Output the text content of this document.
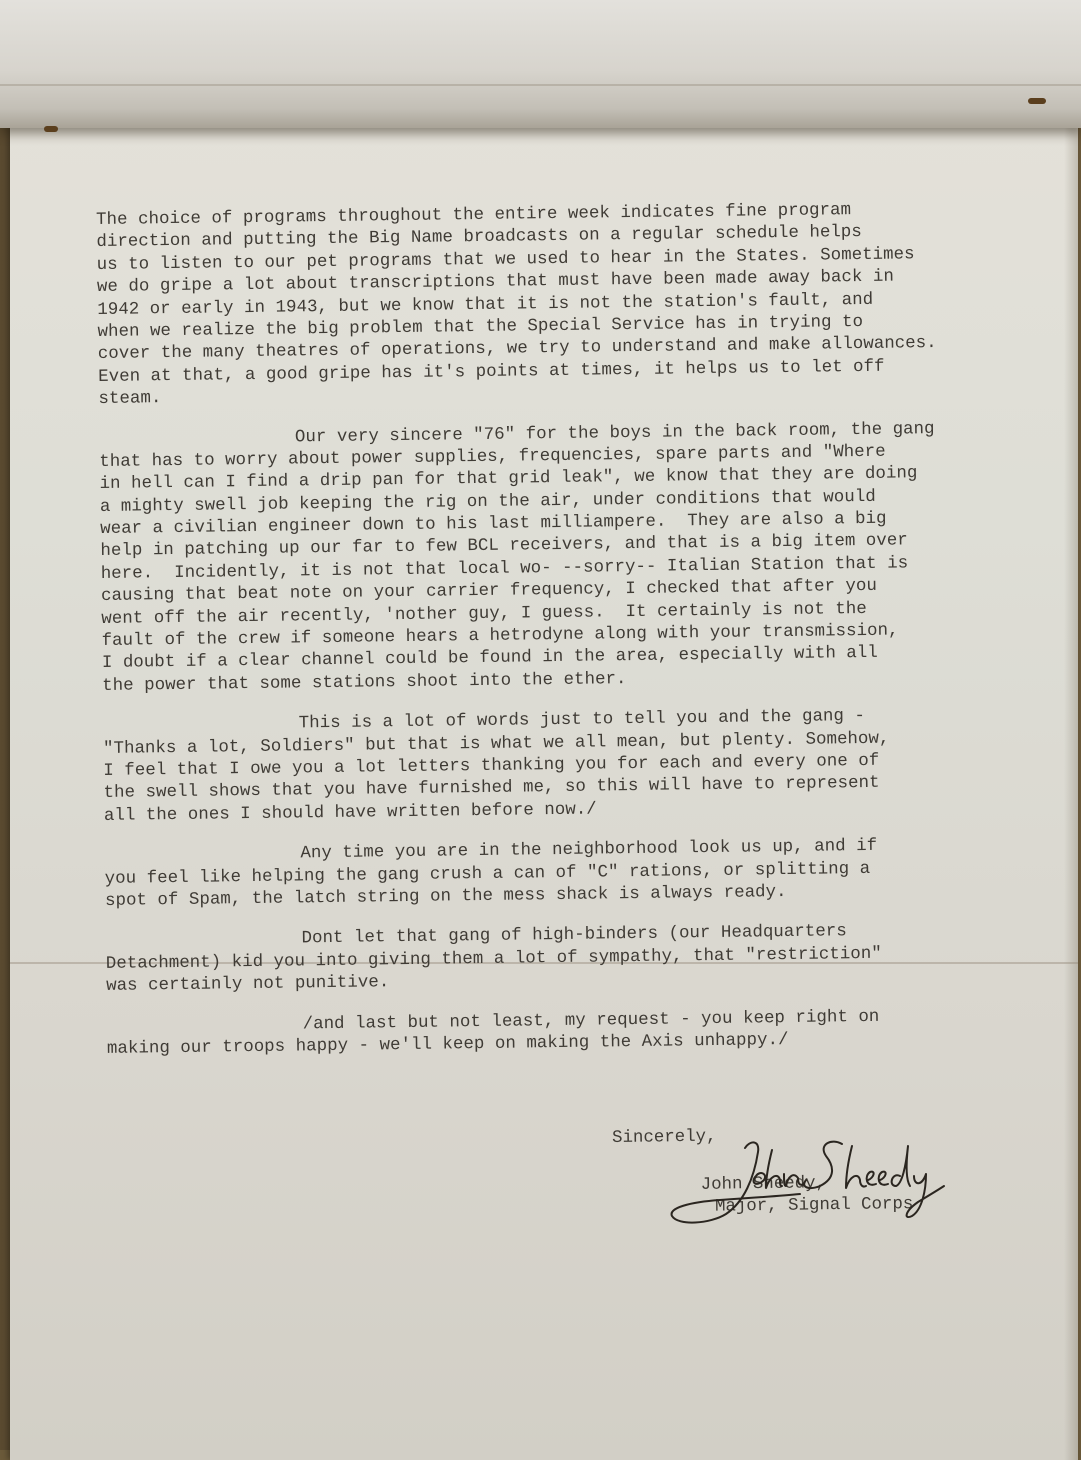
The choice of programs throughout the entire week indicates fine program
direction and putting the Big Name broadcasts on a regular schedule helps
us to listen to our pet programs that we used to hear in the States. Sometimes
we do gripe a lot about transcriptions that must have been made away back in
1942 or early in 1943, but we know that it is not the station's fault, and
when we realize the big problem that the Special Service has in trying to
cover the many theatres of operations, we try to understand and make allowances.
Even at that, a good gripe has it's points at times, it helps us to let off
steam.
Our very sincere "76" for the boys in the back room, the gang
that has to worry about power supplies, frequencies, spare parts and "Where
in hell can I find a drip pan for that grid leak", we know that they are doing
a mighty swell job keeping the rig on the air, under conditions that would
wear a civilian engineer down to his last milliampere.  They are also a big
help in patching up our far to few BCL receivers, and that is a big item over
here.  Incidently, it is not that local wo- --sorry-- Italian Station that is
causing that beat note on your carrier frequency, I checked that after you
went off the air recently, 'nother guy, I guess.  It certainly is not the
fault of the crew if someone hears a hetrodyne along with your transmission,
I doubt if a clear channel could be found in the area, especially with all
the power that some stations shoot into the ether.
This is a lot of words just to tell you and the gang -
"Thanks a lot, Soldiers" but that is what we all mean, but plenty. Somehow,
I feel that I owe you a lot letters thanking you for each and every one of
the swell shows that you have furnished me, so this will have to represent
all the ones I should have written before now./
Any time you are in the neighborhood look us up, and if
you feel like helping the gang crush a can of "C" rations, or splitting a
spot of Spam, the latch string on the mess shack is always ready.
Dont let that gang of high-binders (our Headquarters
Detachment) kid you into giving them a lot of sympathy, that "restriction"
was certainly not punitive.
/and last but not least, my request - you keep right on
making our troops happy - we'll keep on making the Axis unhappy./
Sincerely,
John Sheedy,
Major, Signal Corps
